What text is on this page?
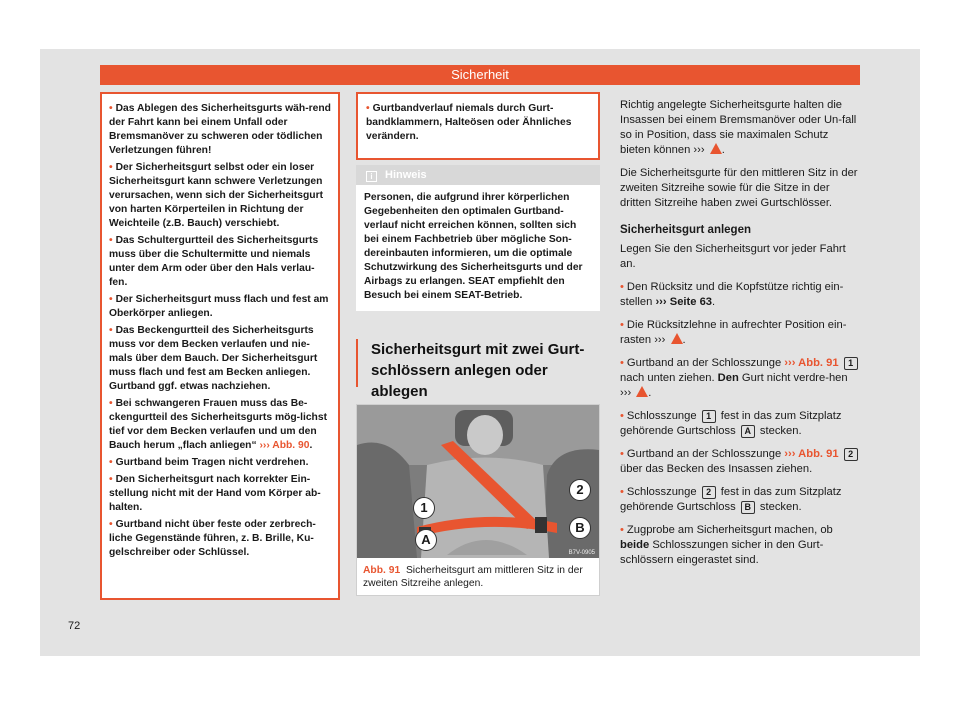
Sicherheit
• Das Ablegen des Sicherheitsgurts wäh-rend der Fahrt kann bei einem Unfall oder Bremsmanöver zu schweren oder tödlichen Verletzungen führen!
• Der Sicherheitsgurt selbst oder ein loser Sicherheitsgurt kann schwere Verletzungen verursachen, wenn sich der Sicherheitsgurt von harten Körperteilen in Richtung der Weichteile (z.B. Bauch) verschiebt.
• Das Schultergurtteil des Sicherheitsgurts muss über die Schultermitte und niemals unter dem Arm oder über den Hals verlau-fen.
• Der Sicherheitsgurt muss flach und fest am Oberkörper anliegen.
• Das Beckengurtteil des Sicherheitsgurts muss vor dem Becken verlaufen und nie-mals über dem Bauch. Der Sicherheitsgurt muss flach und fest am Becken anliegen. Gurtband ggf. etwas nachziehen.
• Bei schwangeren Frauen muss das Be-ckengurtteil des Sicherheitsgurts mög-lichst tief vor dem Becken verlaufen und um den Bauch herum „flach anliegen“ ››› Abb. 90.
• Gurtband beim Tragen nicht verdrehen.
• Den Sicherheitsgurt nach korrekter Ein-stellung nicht mit der Hand vom Körper ab-halten.
• Gurtband nicht über feste oder zerbrech-liche Gegenstände führen, z. B. Brille, Ku-gelschreiber oder Schlüssel.
• Gurtbandverlauf niemals durch Gurt-bandklammern, Halteösen oder Ähnliches verändern.
i Hinweis
Personen, die aufgrund ihrer körperlichen Gegebenheiten den optimalen Gurtband-verlauf nicht erreichen können, sollten sich bei einem Fachbetrieb über mögliche Son-dereinbauten informieren, um die optimale Schutzwirkung des Sicherheitsgurts und der Airbags zu erlangen. SEAT empfiehlt den Besuch bei einem SEAT-Betrieb.
Sicherheitsgurt mit zwei Gurt-schlössern anlegen oder ablegen
1
2
A
B
B7V-0905
Abb. 91 Sicherheitsgurt am mittleren Sitz in der zweiten Sitzreihe anlegen.

Richtig angelegte Sicherheitsgurte halten die Insassen bei einem Bremsmanöver oder Un-fall so in Position, dass sie maximalen Schutz bieten können ››› .

Die Sicherheitsgurte für den mittleren Sitz in der zweiten Sitzreihe sowie für die Sitze in der dritten Sitzreihe haben zwei Gurtschlösser.

Sicherheitsgurt anlegen

Legen Sie den Sicherheitsgurt vor jeder Fahrt an.

• Den Rücksitz und die Kopfstütze richtig ein-stellen ››› Seite 63.

• Die Rücksitzlehne in aufrechter Position ein-rasten ››› .

• Gurtband an der Schlosszunge ››› Abb. 91 1 nach unten ziehen. Den Gurt nicht verdre-hen ››› .

• Schlosszunge 1 fest in das zum Sitzplatz gehörende Gurtschloss A stecken.

• Gurtband an der Schlosszunge ››› Abb. 91 2 über das Becken des Insassen ziehen.

• Schlosszunge 2 fest in das zum Sitzplatz gehörende Gurtschloss B stecken.

• Zugprobe am Sicherheitsgurt machen, ob beide Schlosszungen sicher in den Gurt-schlössern eingerastet sind.

72
